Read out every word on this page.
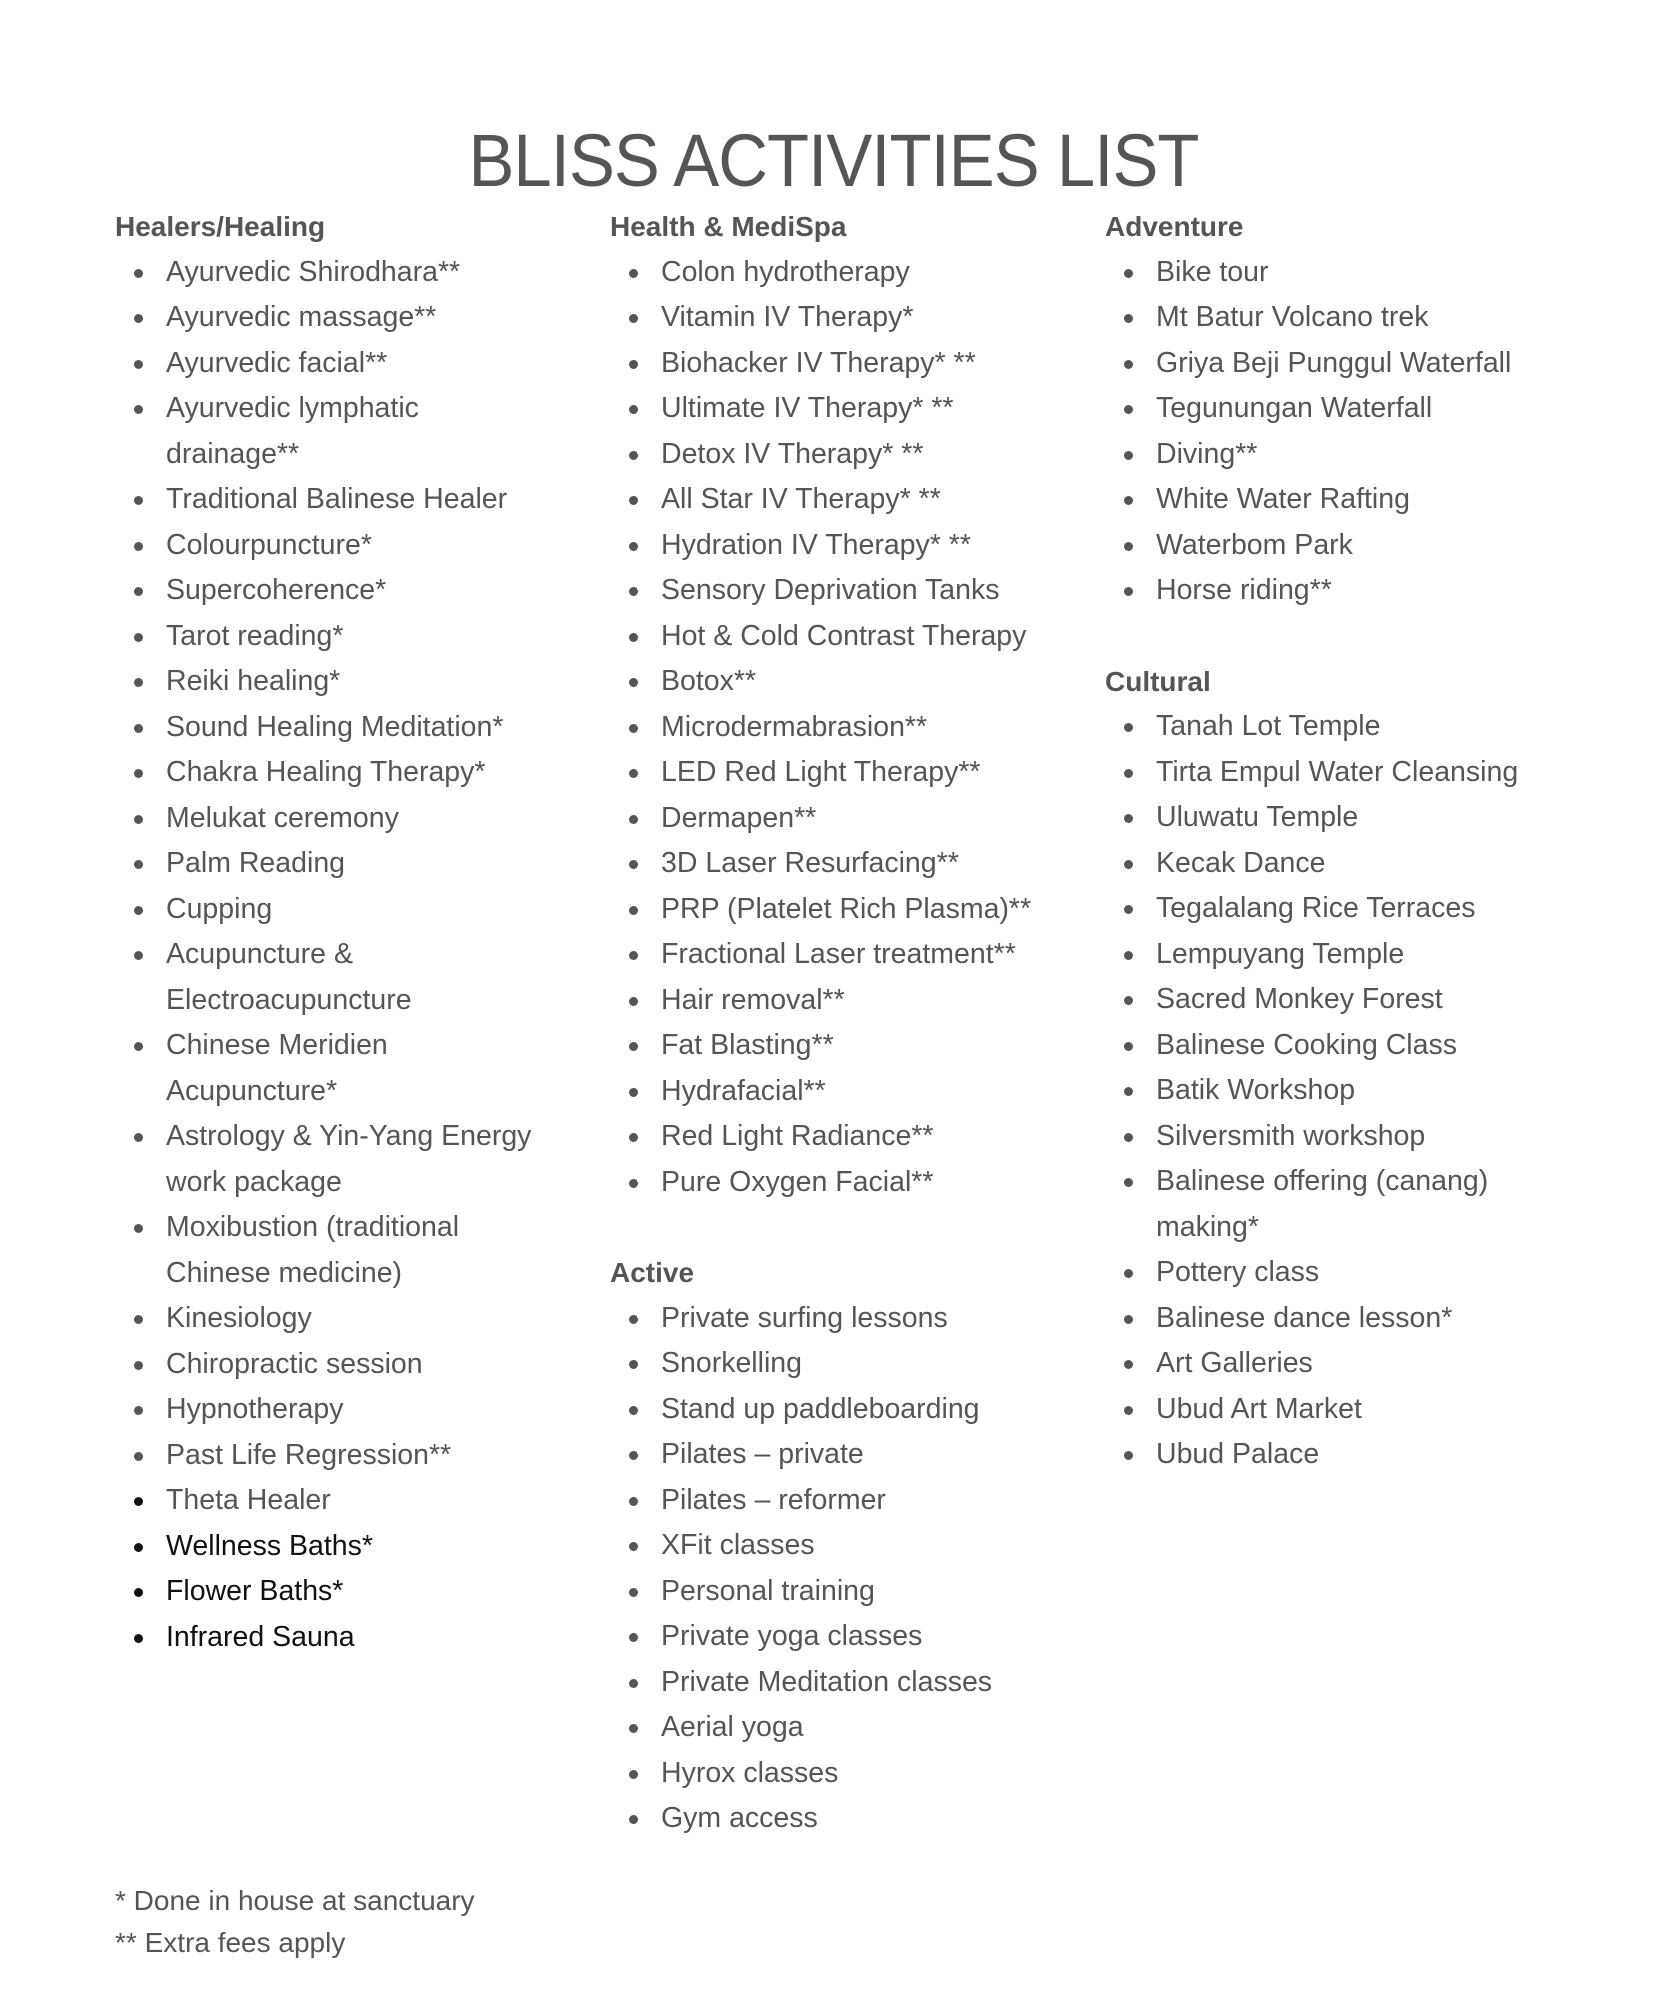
BLISS ACTIVITIES LIST
Healers/Healing
Ayurvedic Shirodhara**
Ayurvedic massage**
Ayurvedic facial**
Ayurvedic lymphatic drainage**
Traditional Balinese Healer
Colourpuncture*
Supercoherence*
Tarot reading*
Reiki healing*
Sound Healing Meditation*
Chakra Healing Therapy*
Melukat ceremony
Palm Reading
Cupping
Acupuncture & Electroacupuncture
Chinese Meridien Acupuncture*
Astrology & Yin-Yang Energy work package
Moxibustion (traditional Chinese medicine)
Kinesiology
Chiropractic session
Hypnotherapy
Past Life Regression**
Theta Healer
Wellness Baths*
Flower Baths*
Infrared Sauna
Health & MediSpa
Colon hydrotherapy
Vitamin IV Therapy*
Biohacker IV Therapy* **
Ultimate IV Therapy* **
Detox IV Therapy* **
All Star IV Therapy* **
Hydration IV Therapy* **
Sensory Deprivation Tanks
Hot & Cold Contrast Therapy
Botox**
Microdermabrasion**
LED Red Light Therapy**
Dermapen**
3D Laser Resurfacing**
PRP (Platelet Rich Plasma)**
Fractional Laser treatment**
Hair removal**
Fat Blasting**
Hydrafacial**
Red Light Radiance**
Pure Oxygen Facial**
Active
Private surfing lessons
Snorkelling
Stand up paddleboarding
Pilates – private
Pilates – reformer
XFit classes
Personal training
Private yoga classes
Private Meditation classes
Aerial yoga
Hyrox classes
Gym access
Adventure
Bike tour
Mt Batur Volcano trek
Griya Beji Punggul Waterfall
Tegunungan Waterfall
Diving**
White Water Rafting
Waterbom Park
Horse riding**
Cultural
Tanah Lot Temple
Tirta Empul Water Cleansing
Uluwatu Temple
Kecak Dance
Tegalalang Rice Terraces
Lempuyang Temple
Sacred Monkey Forest
Balinese Cooking Class
Batik Workshop
Silversmith workshop
Balinese offering (canang) making*
Pottery class
Balinese dance lesson*
Art Galleries
Ubud Art Market
Ubud Palace
* Done in house at sanctuary
** Extra fees apply
